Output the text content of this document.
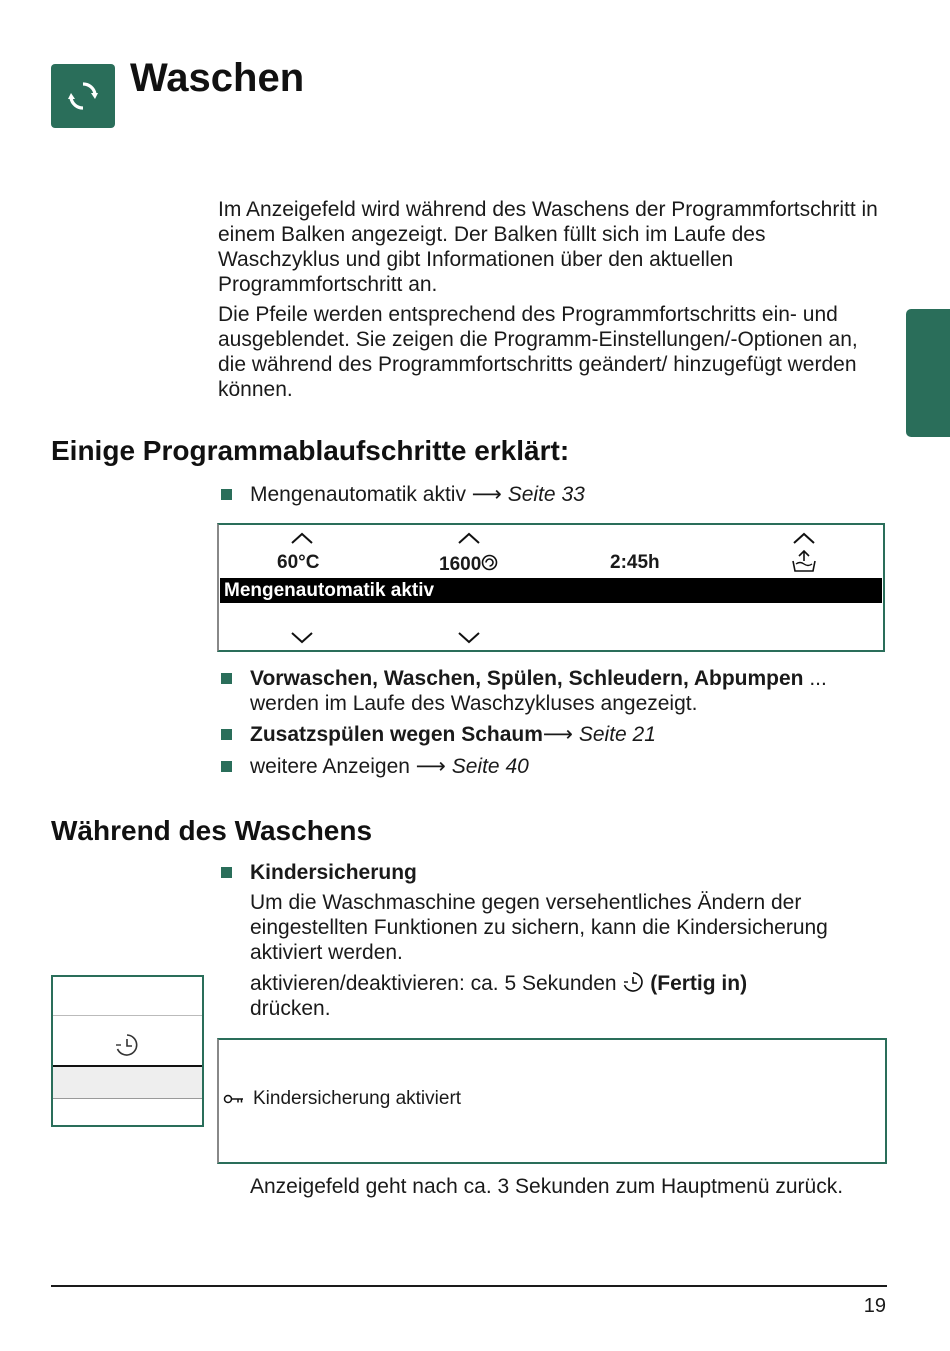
Waschen

Im Anzeigefeld wird während des Waschens der Programmfortschritt in einem Balken angezeigt. Der Balken füllt sich im Laufe des Waschzyklus und gibt Informationen über den aktuellen Programmfortschritt an.

Die Pfeile werden entsprechend des Programmfortschritts ein- und ausgeblendet. Sie zeigen die Programm-Einstellungen/-Optionen an, die während des Programmfortschritts geändert/ hinzugefügt werden können.

Einige Programmablaufschritte erklärt:
Mengenautomatik aktiv ⟶ Seite 33
60°C	1600	2:45h
Mengenautomatik aktiv
Vorwaschen, Waschen, Spülen, Schleudern, Abpumpen ... werden im Laufe des Waschzykluses angezeigt.
Zusatzspülen wegen Schaum⟶ Seite 21
weitere Anzeigen ⟶ Seite 40
Während des Waschens
Kindersicherung
Um die Waschmaschine gegen versehentliches Ändern der eingestellten Funktionen zu sichern, kann die Kindersicherung aktiviert werden.
aktivieren/deaktivieren: ca. 5 Sekunden (Fertig in)
drücken.
Kindersicherung aktiviert
Anzeigefeld geht nach ca. 3 Sekunden zum Hauptmenü zurück.
19
